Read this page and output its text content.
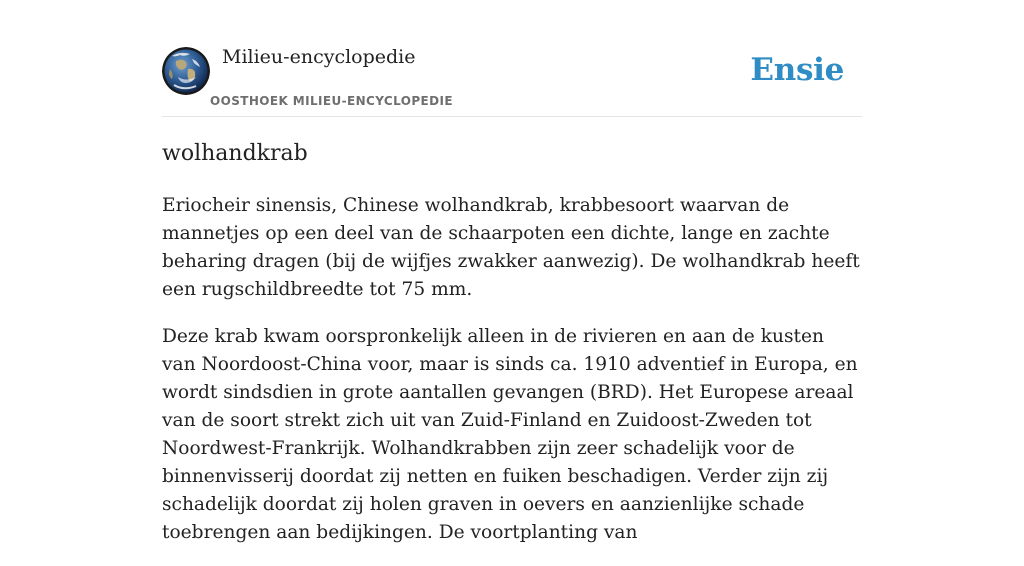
Milieu-encyclopedie
OOSTHOEK MILIEU-ENCYCLOPEDIE
Ensie
wolhandkrab

Eriocheir sinensis, Chinese wolhandkrab, krabbesoort waarvan de mannetjes op een deel van de schaarpoten een dichte, lange en zachte beharing dragen (bij de wijfjes zwakker aanwezig). De wolhandkrab heeft een rugschildbreedte tot 75 mm.

Deze krab kwam oorspronkelijk alleen in de rivieren en aan de kusten van Noordoost-China voor, maar is sinds ca. 1910 adventief in Europa, en wordt sindsdien in grote aantallen gevangen (BRD). Het Europese areaal van de soort strekt zich uit van Zuid-Finland en Zuidoost-Zweden tot Noordwest-Frankrijk. Wolhandkrabben zijn zeer schadelijk voor de binnenvisserij doordat zij netten en fuiken beschadigen. Verder zijn zij schadelijk doordat zij holen graven in oevers en aanzienlijke schade toebrengen aan bedijkingen. De voortplanting van
